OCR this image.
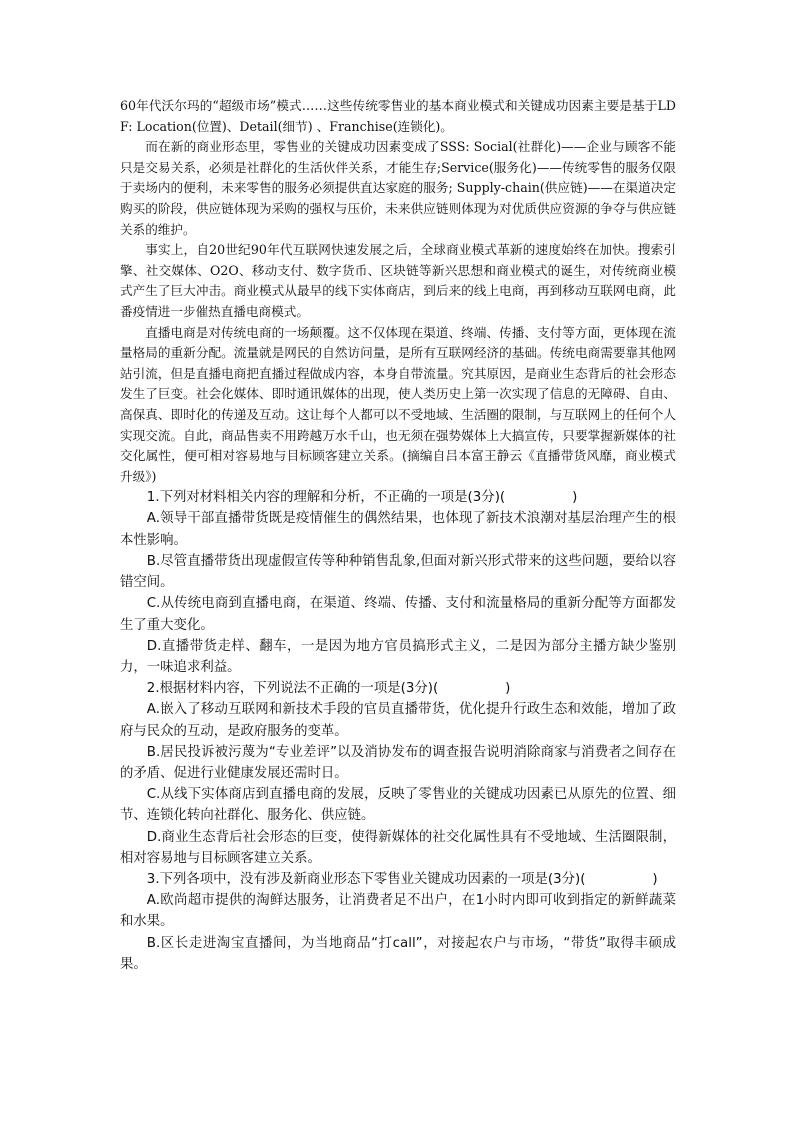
60年代沃尔玛的“超级市场”模式……这些传统零售业的基本商业模式和关键成功因素主要是基于LDF: Location(位置)、Detail(细节) 、Franchise(连锁化)。

而在新的商业形态里，零售业的关键成功因素变成了SSS: Social(社群化)——企业与顾客不能只是交易关系，必须是社群化的生活伙伴关系，才能生存;Service(服务化)——传统零售的服务仅限于卖场内的便利，未来零售的服务必须提供直达家庭的服务; Supply-chain(供应链)——在渠道决定购买的阶段，供应链体现为采购的强权与压价，未来供应链则体现为对优质供应资源的争夺与供应链关系的维护。

事实上，自20世纪90年代互联网快速发展之后，全球商业模式革新的速度始终在加快。搜索引擎、社交媒体、O2O、移动支付、数字货币、区块链等新兴思想和商业模式的诞生，对传统商业模式产生了巨大冲击。商业模式从最早的线下实体商店，到后来的线上电商，再到移动互联网电商，此番疫情进一步催热直播电商模式。

直播电商是对传统电商的一场颠覆。这不仅体现在渠道、终端、传播、支付等方面，更体现在流量格局的重新分配。流量就是网民的自然访问量，是所有互联网经济的基础。传统电商需要靠其他网站引流，但是直播电商把直播过程做成内容，本身自带流量。究其原因，是商业生态背后的社会形态发生了巨变。社会化媒体、即时通讯媒体的出现，使人类历史上第一次实现了信息的无障碍、自由、高保真、即时化的传递及互动。这让每个人都可以不受地域、生活圈的限制，与互联网上的任何个人实现交流。自此，商品售卖不用跨越万水千山，也无须在强势媒体上大搞宣传，只要掌握新媒体的社交化属性，便可相对容易地与目标顾客建立关系。(摘编自吕本富王静云《直播带货风靡，商业模式升级》)

1.下列对材料相关内容的理解和分析，不正确的一项是(3分)(　　　　　)

A.领导干部直播带货既是疫情催生的偶然结果，也体现了新技术浪潮对基层治理产生的根本性影响。

B.尽管直播带货出现虚假宣传等种种销售乱象,但面对新兴形式带来的这些问题，要给以容错空间。

C.从传统电商到直播电商，在渠道、终端、传播、支付和流量格局的重新分配等方面都发生了重大变化。

D.直播带货走样、翻车，一是因为地方官员搞形式主义，二是因为部分主播方缺少鉴别力，一味追求利益。

2.根据材料内容，下列说法不正确的一项是(3分)(　　　　　)

A.嵌入了移动互联网和新技术手段的官员直播带货，优化提升行政生态和效能，增加了政府与民众的互动，是政府服务的变革。

B.居民投诉被污蔑为“专业差评”以及消协发布的调查报告说明消除商家与消费者之间存在的矛盾、促进行业健康发展还需时日。

C.从线下实体商店到直播电商的发展，反映了零售业的关键成功因素已从原先的位置、细节、连锁化转向社群化、服务化、供应链。

D.商业生态背后社会形态的巨变，使得新媒体的社交化属性具有不受地域、生活圈限制，相对容易地与目标顾客建立关系。

3.下列各项中，没有涉及新商业形态下零售业关键成功因素的一项是(3分)(　　　　　)

A.欧尚超市提供的淘鲜达服务，让消费者足不出户，在1小时内即可收到指定的新鲜蔬菜和水果。

B.区长走进淘宝直播间，为当地商品“打call”，对接起农户与市场，“带货”取得丰硕成果。
